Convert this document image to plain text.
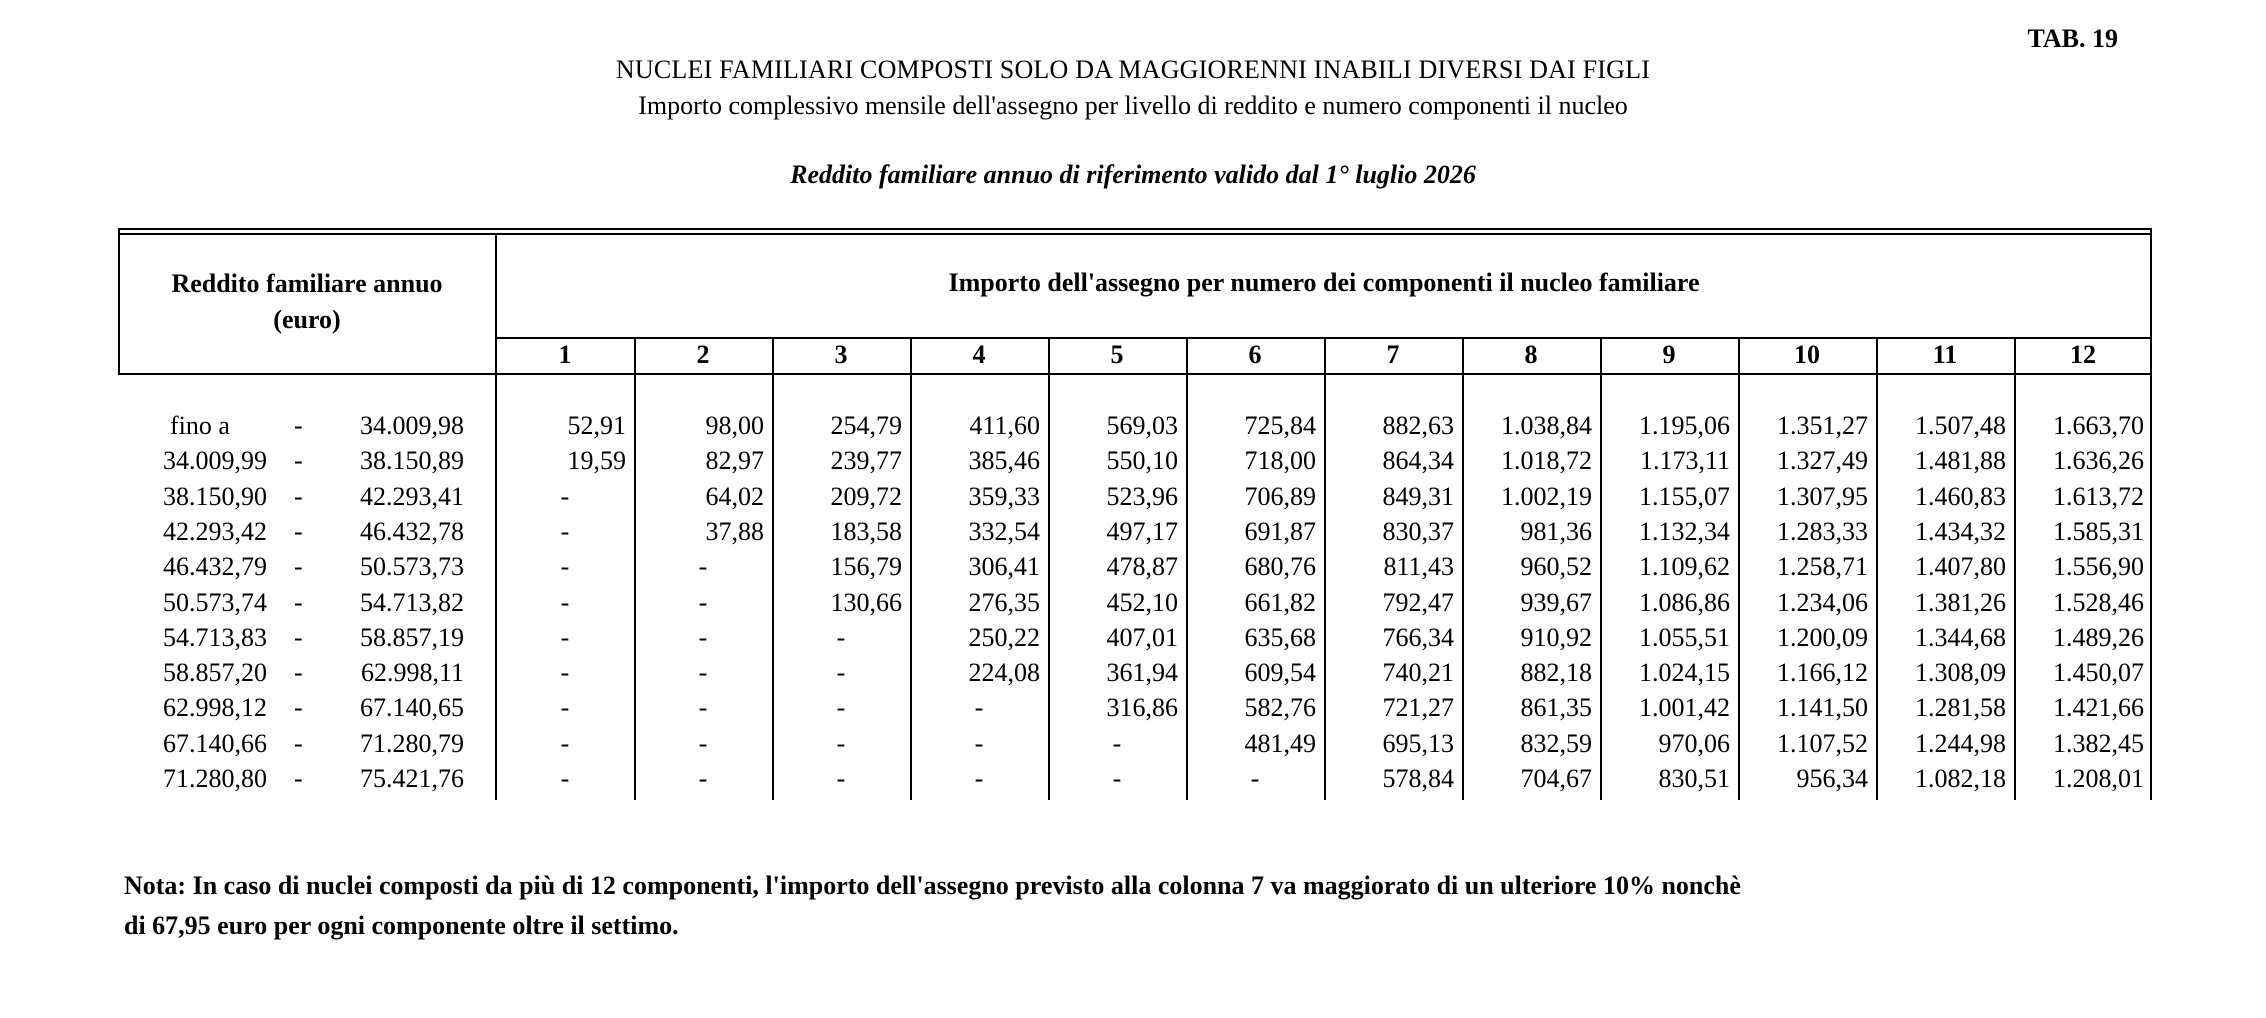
TAB. 19
NUCLEI FAMILIARI COMPOSTI SOLO DA MAGGIORENNI INABILI DIVERSI DAI FIGLI
Importo complessivo mensile dell'assegno per livello di reddito e numero componenti il nucleo
Reddito familiare annuo di riferimento valido dal 1° luglio 2026
Reddito familiare annuo
(euro)
Importo dell'assegno per numero dei componenti il nucleo familiare
1	2	3	4	5	6	7	8	9	10	11	12
fino a -	34.009,98	52,91	98,00	254,79	411,60	569,03	725,84	882,63	1.038,84	1.195,06	1.351,27	1.507,48	1.663,70
34.009,99 -	38.150,89	19,59	82,97	239,77	385,46	550,10	718,00	864,34	1.018,72	1.173,11	1.327,49	1.481,88	1.636,26
38.150,90 -	42.293,41	-	64,02	209,72	359,33	523,96	706,89	849,31	1.002,19	1.155,07	1.307,95	1.460,83	1.613,72
42.293,42 -	46.432,78	-	37,88	183,58	332,54	497,17	691,87	830,37	981,36	1.132,34	1.283,33	1.434,32	1.585,31
46.432,79 -	50.573,73	-	-	156,79	306,41	478,87	680,76	811,43	960,52	1.109,62	1.258,71	1.407,80	1.556,90
50.573,74 -	54.713,82	-	-	130,66	276,35	452,10	661,82	792,47	939,67	1.086,86	1.234,06	1.381,26	1.528,46
54.713,83 -	58.857,19	-	-	-	250,22	407,01	635,68	766,34	910,92	1.055,51	1.200,09	1.344,68	1.489,26
58.857,20 -	62.998,11	-	-	-	224,08	361,94	609,54	740,21	882,18	1.024,15	1.166,12	1.308,09	1.450,07
62.998,12 -	67.140,65	-	-	-	-	316,86	582,76	721,27	861,35	1.001,42	1.141,50	1.281,58	1.421,66
67.140,66 -	71.280,79	-	-	-	-	-	481,49	695,13	832,59	970,06	1.107,52	1.244,98	1.382,45
71.280,80 -	75.421,76	-	-	-	-	-	-	578,84	704,67	830,51	956,34	1.082,18	1.208,01
Nota: In caso di nuclei composti da più di 12 componenti, l'importo dell'assegno previsto alla colonna 7 va maggiorato di un ulteriore 10% nonchè
di 67,95 euro per ogni componente oltre il settimo.
